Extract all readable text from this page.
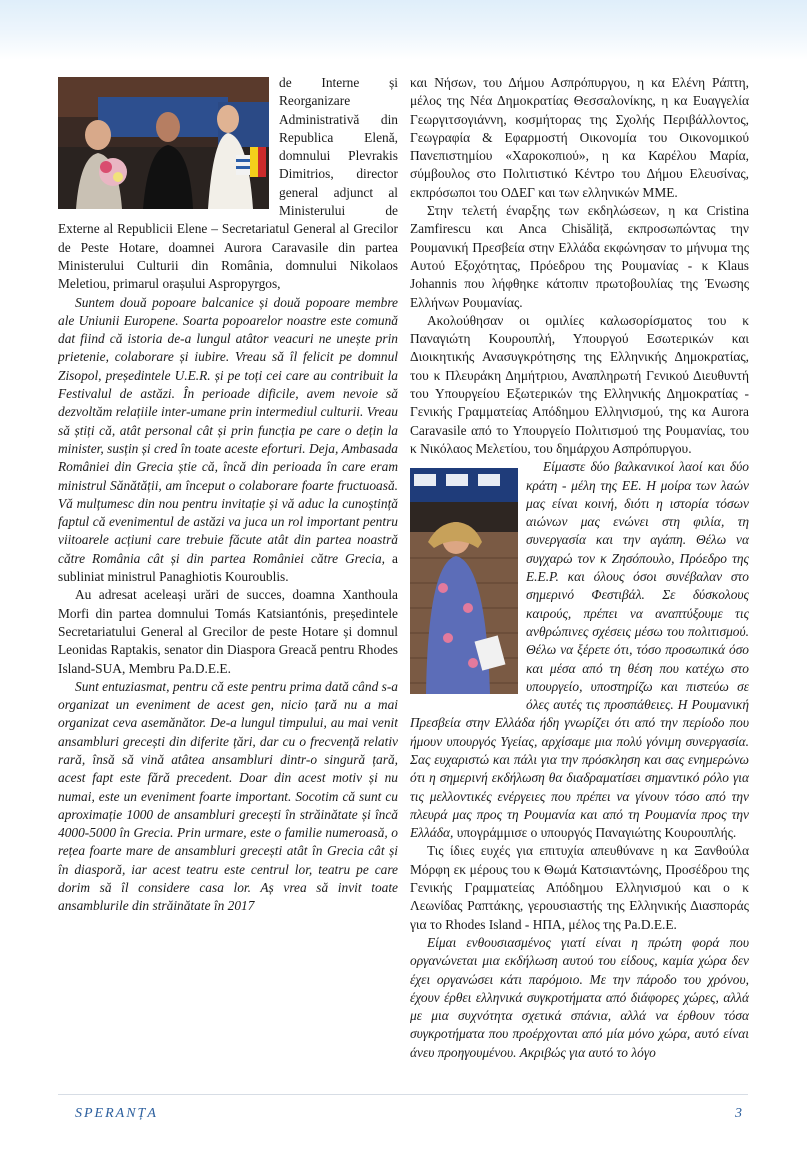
de Interne și Reorganizare Administrativă din Republica Elenă, domnului Plevrakis Dimitrios, director general adjunct al Ministerului de Externe al Republicii Elene – Secretariatul General al Grecilor de Peste Hotare, doamnei Aurora Caravasile din partea Ministerului Culturii din România, domnului Nikolaos Meletiou, primarul orașului Aspropyrgos,

Suntem două popoare balcanice și două popoare membre ale Uniunii Europene. Soarta popoarelor noastre este comună dat fiind că istoria de-a lungul atâtor veacuri ne unește prin prietenie, colaborare și iubire. Vreau să îl felicit pe domnul Zisopol, președintele U.E.R. și pe toți cei care au contribuit la Festivalul de astăzi. În perioade dificile, avem nevoie să dezvoltăm relațiile inter-umane prin intermediul culturii. Vreau să știți că, atât personal cât și prin funcția pe care o dețin la minister, susțin și cred în toate aceste eforturi. Deja, Ambasada României din Grecia știe că, încă din perioada în care eram ministrul Sănătății, am început o colaborare foarte fructuoasă. Vă mulțumesc din nou pentru invitație și vă aduc la cunoștință faptul că evenimentul de astăzi va juca un rol important pentru viitoarele acțiuni care trebuie făcute atât din partea noastră către România cât și din partea României către Grecia, a subliniat ministrul Panaghiotis Kouroublis.

Au adresat aceleași urări de succes, doamna Xanthoula Morfi din partea domnului Tomás Katsiantónis, președintele Secretariatului General al Grecilor de peste Hotare și domnul Leonidas Raptakis, senator din Diaspora Greacă pentru Rhodes Island-SUA, Membru Pa.D.E.E.

Sunt entuziasmat, pentru că este pentru prima dată când s-a organizat un eveniment de acest gen, nicio țară nu a mai organizat ceva asemănător. De-a lungul timpului, au mai venit ansambluri grecești din diferite țări, dar cu o frecvență relativ rară, însă să vină atâtea ansambluri dintr-o singură țară, acest fapt este fără precedent. Doar din acest motiv și nu numai, este un eveniment foarte important. Socotim că sunt cu aproximație 1000 de ansambluri grecești în străinătate și încă 4000-5000 în Grecia. Prin urmare, este o familie numeroasă, o rețea foarte mare de ansambluri grecești atât în Grecia cât și în diasporă, iar acest teatru este centrul lor, teatru pe care dorim să îl considere casa lor. Aș vrea să invit toate ansamblurile din străinătate în 2017

και Νήσων, του Δήμου Ασπρόπυργου, η κα Ελένη Ράπτη, μέλος της Νέα Δημοκρατίας Θεσσαλονίκης, η κα Ευαγγελία Γεωργιτσογιάννη, κοσμήτορας της Σχολής Περιβάλλοντος, Γεωγραφία & Εφαρμοστή Οικονομία του Οικονομικού Πανεπιστημίου «Χαροκοπιού», η κα Καρέλου Μαρία, σύμβουλος στο Πολιτιστικό Κέντρο του Δήμου Ελευσίνας, εκπρόσωποι του ΟΔΕΓ και των ελληνικών ΜΜΕ.

Στην τελετή έναρξης των εκδηλώσεων, η κα Cristina Zamfirescu και Anca Chisăliță, εκπροσωπώντας την Ρουμανική Πρεσβεία στην Ελλάδα εκφώνησαν το μήνυμα της Αυτού Εξοχότητας, Πρόεδρου της Ρουμανίας - κ Klaus Johannis που λήφθηκε κάτοπιν πρωτοβουλίας της Ένωσης Ελλήνων Ρουμανίας.

Ακολούθησαν οι ομιλίες καλωσορίσματος του κ Παναγιώτη Κουρουπλή, Υπουργού Εσωτερικών και Διοικητικής Ανασυγκρότησης της Ελληνικής Δημοκρατίας, του κ Πλευράκη Δημήτριου, Αναπληρωτή Γενικού Διευθυντή του Υπουργείου Εξωτερικών της Ελληνικής Δημοκρατίας - Γενικής Γραμματείας Απόδημου Ελληνισμού, της κα Aurora Caravasile από το Υπουργείο Πολιτισμού της Ρουμανίας, του κ Νικόλαος Μελετίου, του δημάρχου Ασπρόπυργου.

Είμαστε δύο βαλκανικοί λαοί και δύο κράτη - μέλη της ΕΕ. Η μοίρα των λαών μας είναι κοινή, διότι η ιστορία τόσων αιώνων μας ενώνει στη φιλία, τη συνεργασία και την αγάπη. Θέλω να συγχαρώ τον κ Ζησόπουλο, Πρόεδρο της Ε.Ε.Ρ. και όλους όσοι συνέβαλαν στο σημερινό Φεστιβάλ. Σε δύσκολους καιρούς, πρέπει να αναπτύξουμε τις ανθρώπινες σχέσεις μέσω του πολιτισμού. Θέλω να ξέρετε ότι, τόσο προσωπικά όσο και μέσα από τη θέση που κατέχω στο υπουργείο, υποστηρίζω και πιστεύω σε όλες αυτές τις προσπάθειες. Η Ρουμανική Πρεσβεία στην Ελλάδα ήδη γνωρίζει ότι από την περίοδο που ήμουν υπουργός Υγείας, αρχίσαμε μια πολύ γόνιμη συνεργασία. Σας ευχαριστώ και πάλι για την πρόσκληση και σας ενημερώνω ότι η σημερινή εκδήλωση θα διαδραματίσει σημαντικό ρόλο για τις μελλοντικές ενέργειες που πρέπει να γίνουν τόσο από την πλευρά μας προς τη Ρουμανία και από τη Ρουμανία προς την Ελλάδα, υπογράμμισε ο υπουργός Παναγιώτης Κουρουπλής.

Τις ίδιες ευχές για επιτυχία απευθύνανε η κα Ξανθούλα Μόρφη εκ μέρους του κ Θωμά Κατσιαντώνης, Προσέδρου της Γενικής Γραμματείας Απόδημου Ελληνισμού και ο κ Λεωνίδας Ραπτάκης, γερουσιαστής της Ελληνικής Διασποράς για το Rhodes Island - ΗΠΑ, μέλος της Pa.D.E.E.

Είμαι ενθουσιασμένος γιατί είναι η πρώτη φορά που οργανώνεται μια εκδήλωση αυτού του είδους, καμία χώρα δεν έχει οργανώσει κάτι παρόμοιο. Με την πάροδο του χρόνου, έχουν έρθει ελληνικά συγκροτήματα από διάφορες χώρες, αλλά με μια συχνότητα σχετικά σπάνια, αλλά να έρθουν τόσα συγκροτήματα που προέρχονται από μία μόνο χώρα, αυτό είναι άνευ προηγουμένου. Ακριβώς για αυτό το λόγο

SPERANȚA	3
